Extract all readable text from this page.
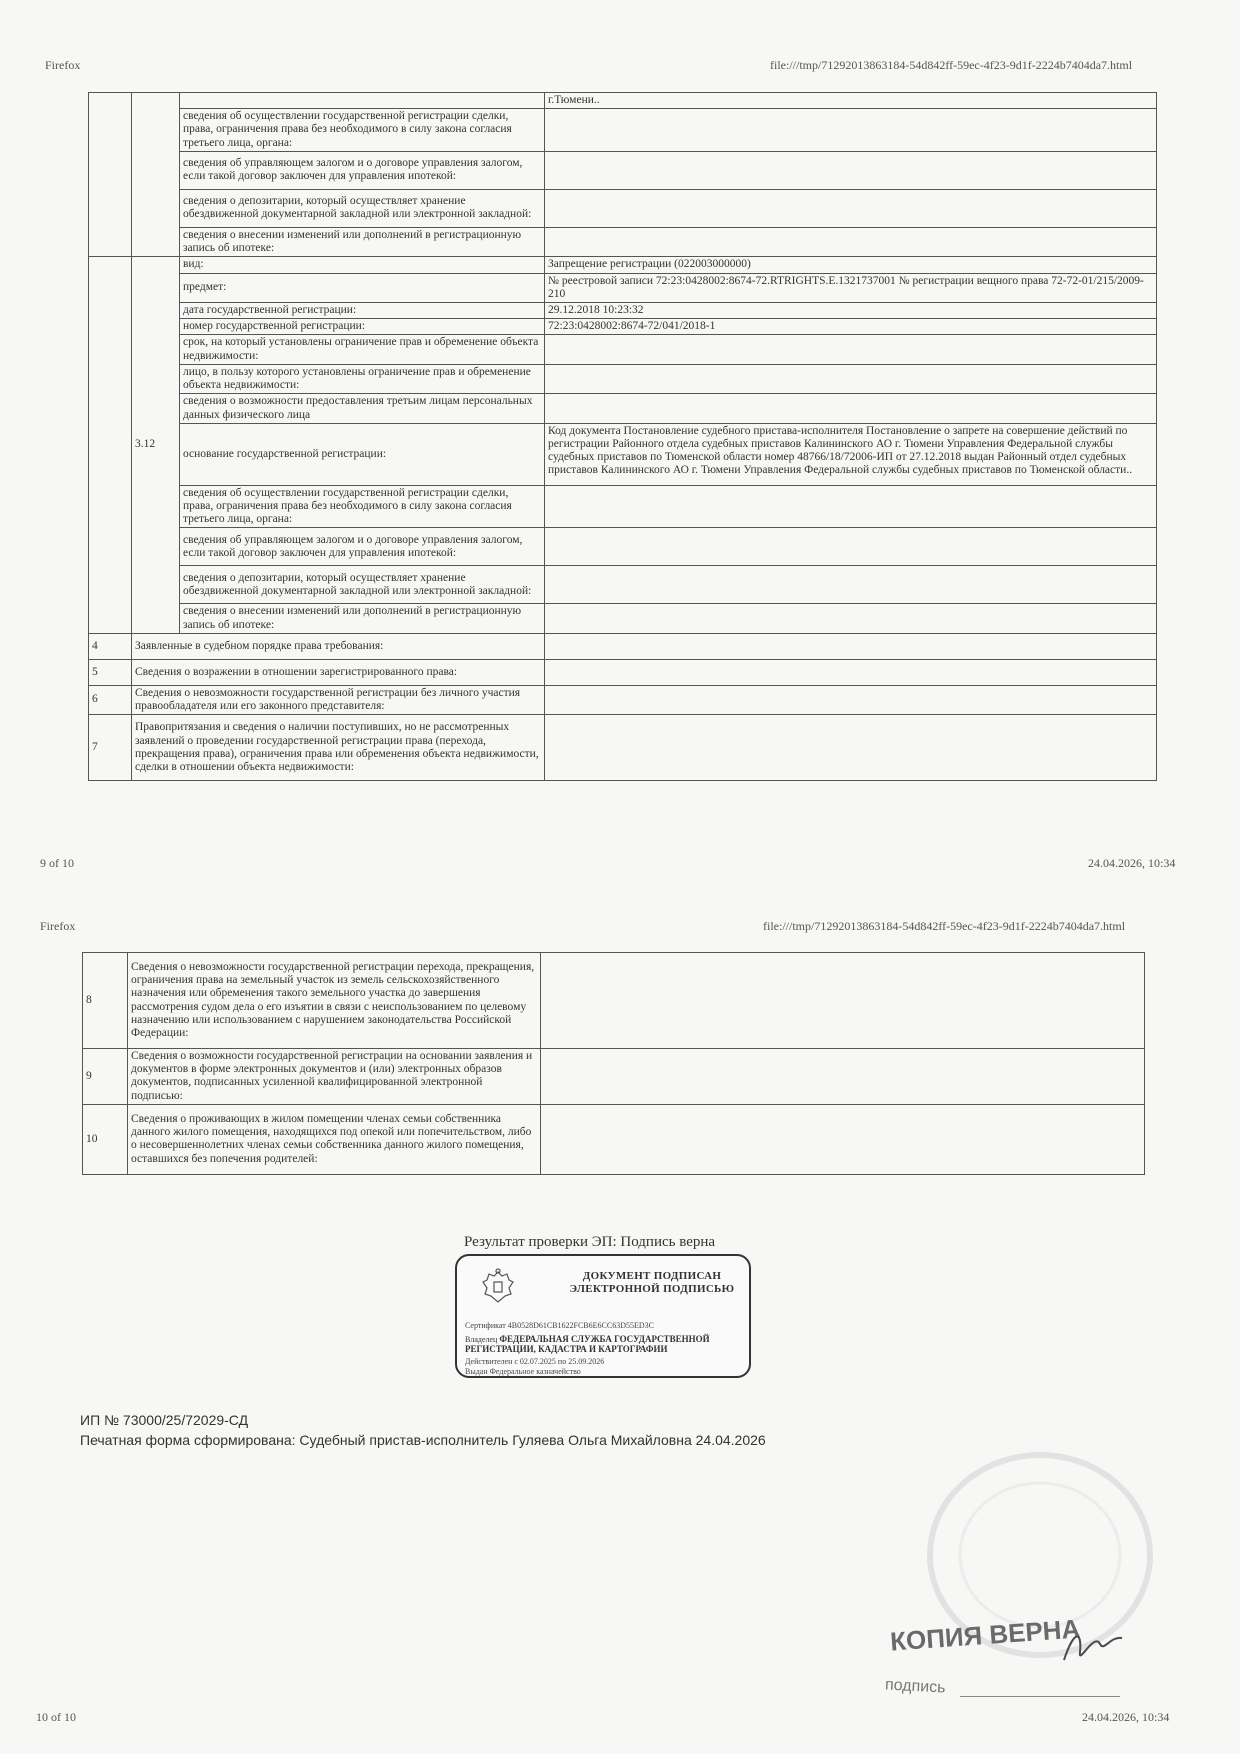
Firefox	file:///tmp/71292013863184-54d842ff-59ec-4f23-9d1f-2224b7404da7.html
			г.Тюмени..
		сведения об осуществлении государственной регистрации сделки, права, ограничения права без необходимого в силу закона согласия третьего лица, органа:	
		сведения об управляющем залогом и о договоре управления залогом, если такой договор заключен для управления ипотекой:	
		сведения о депозитарии, который осуществляет хранение обездвиженной документарной закладной или электронной закладной:	
		сведения о внесении изменений или дополнений в регистрационную запись об ипотеке:	
	3.12	вид:	Запрещение регистрации (022003000000)
		предмет:	№ реестровой записи 72:23:0428002:8674-72.RTRIGHTS.E.1321737001 № регистрации вещного права 72-72-01/215/2009-210
		дата государственной регистрации:	29.12.2018 10:23:32
		номер государственной регистрации:	72:23:0428002:8674-72/041/2018-1
		срок, на который установлены ограничение прав и обременение объекта недвижимости:	
		лицо, в пользу которого установлены ограничение прав и обременение объекта недвижимости:	
		сведения о возможности предоставления третьим лицам персональных данных физического лица	
		основание государственной регистрации:	Код документа Постановление судебного пристава-исполнителя Постановление о запрете на совершение действий по регистрации Районного отдела судебных приставов Калининского АО г. Тюмени Управления Федеральной службы судебных приставов по Тюменской области номер 48766/18/72006-ИП от 27.12.2018 выдан Районный отдел судебных приставов Калининского АО г. Тюмени Управления Федеральной службы судебных приставов по Тюменской области..
		сведения об осуществлении государственной регистрации сделки, права, ограничения права без необходимого в силу закона согласия третьего лица, органа:	
		сведения об управляющем залогом и о договоре управления залогом, если такой договор заключен для управления ипотекой:	
		сведения о депозитарии, который осуществляет хранение обездвиженной документарной закладной или электронной закладной:	
		сведения о внесении изменений или дополнений в регистрационную запись об ипотеке:	
4	Заявленные в судебном порядке права требования:		
5	Сведения о возражении в отношении зарегистрированного права:		
6	Сведения о невозможности государственной регистрации без личного участия правообладателя или его законного представителя:		
7	Правопритязания и сведения о наличии поступивших, но не рассмотренных заявлений о проведении государственной регистрации права (перехода, прекращения права), ограничения права или обременения объекта недвижимости, сделки в отношении объекта недвижимости:		
9 of 10	24.04.2026, 10:34
Firefox	file:///tmp/71292013863184-54d842ff-59ec-4f23-9d1f-2224b7404da7.html
8	Сведения о невозможности государственной регистрации перехода, прекращения, ограничения права на земельный участок из земель сельскохозяйственного назначения или обременения такого земельного участка до завершения рассмотрения судом дела о его изъятии в связи с неиспользованием по целевому назначению или использованием с нарушением законодательства Российской Федерации:	
9	Сведения о возможности государственной регистрации на основании заявления и документов в форме электронных документов и (или) электронных образов документов, подписанных усиленной квалифицированной электронной подписью:	
10	Сведения о проживающих в жилом помещении членах семьи собственника данного жилого помещения, находящихся под опекой или попечительством, либо о несовершеннолетних членах семьи собственника данного жилого помещения, оставшихся без попечения родителей:	
Результат проверки ЭП: Подпись верна
ДОКУМЕНТ ПОДПИСАН ЭЛЕКТРОННОЙ ПОДПИСЬЮ
Сертификат 4B0528D61CB1622FCB6E6CC63D55ED3C
Владелец ФЕДЕРАЛЬНАЯ СЛУЖБА ГОСУДАРСТВЕННОЙ РЕГИСТРАЦИИ, КАДАСТРА И КАРТОГРАФИИ
Действителен с 02.07.2025 по 25.09.2026
Выдан Федеральное казначейство
ИП № 73000/25/72029-СД
Печатная форма сформирована: Судебный пристав-исполнитель Гуляева Ольга Михайловна 24.04.2026
КОПИЯ ВЕРНА
подпись
10 of 10	24.04.2026, 10:34
